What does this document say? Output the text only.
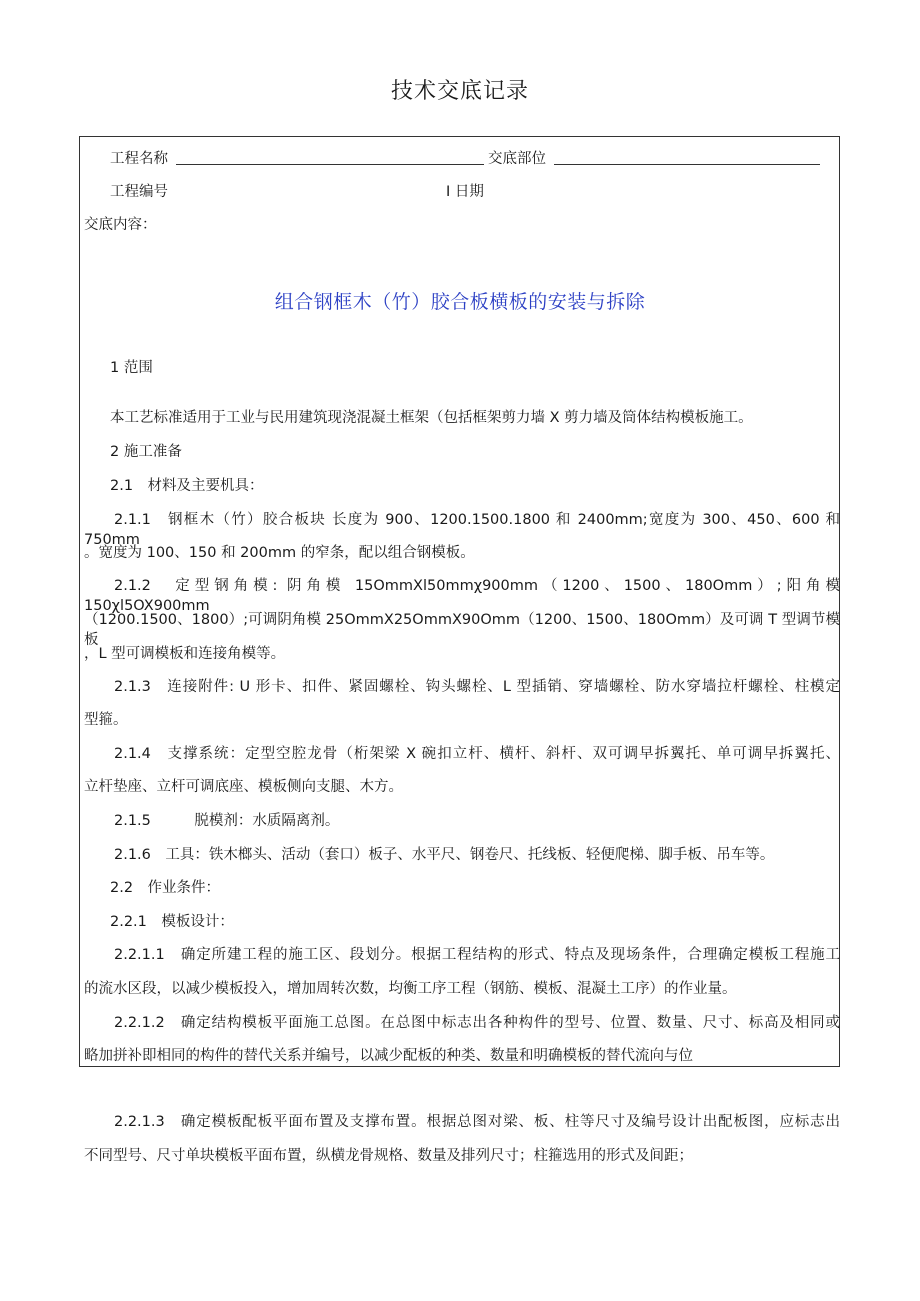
技术交底记录
工程名称	交底部位
工程编号	I 日期
交底内容：
组合钢框木（竹）胶合板横板的安装与拆除
1 范围
本工艺标准适用于工业与民用建筑现浇混凝土框架（包括框架剪力墙 X 剪力墙及筒体结构模板施工。
2 施工准备
2.1　材料及主要机具：
2.1.1　钢框木（竹）胶合板块 长度为 900、1200.1500.1800 和 2400mm;宽度为 300、450、600 和 750mm
。宽度为 100、150 和 200mm 的窄条，配以组合钢模板。
2.1.2　定型钢角模: 阴角模 15OmmXl50mmχ900mm（1200、1500、180Omm）;阳角模 150χl5OX900mm
（1200.1500、1800）;可调阴角模 25OmmX25OmmX90Omm（1200、1500、180Omm）及可调 T 型调节模板
，L 型可调模板和连接角模等。
2.1.3　连接附件: U 形卡、扣件、紧固螺栓、钩头螺栓、L 型插销、穿墙螺栓、防水穿墙拉杆螺栓、柱模定
型箍。
2.1.4　支撑系统：定型空腔龙骨（桁架梁 X 碗扣立杆、横杆、斜杆、双可调早拆翼托、单可调早拆翼托、
立杆垫座、立杆可调底座、模板侧向支腿、木方。
2.1.5　　　脱模剂：水质隔离剂。
2.1.6　工具：铁木榔头、活动（套口）板子、水平尺、钢卷尺、托线板、轻便爬梯、脚手板、吊车等。
2.2　作业条件：
2.2.1　模板设计：
2.2.1.1　确定所建工程的施工区、段划分。根据工程结构的形式、特点及现场条件，合理确定模板工程施工
的流水区段，以减少模板投入，增加周转次数，均衡工序工程（钢筋、模板、混凝土工序）的作业量。
2.2.1.2　确定结构模板平面施工总图。在总图中标志出各种构件的型号、位置、数量、尺寸、标高及相同或
略加拼补即相同的构件的替代关系并编号，以减少配板的种类、数量和明确模板的替代流向与位
2.2.1.3　确定模板配板平面布置及支撑布置。根据总图对梁、板、柱等尺寸及编号设计出配板图，应标志出
不同型号、尺寸单块模板平面布置，纵横龙骨规格、数量及排列尺寸；柱箍选用的形式及间距；
